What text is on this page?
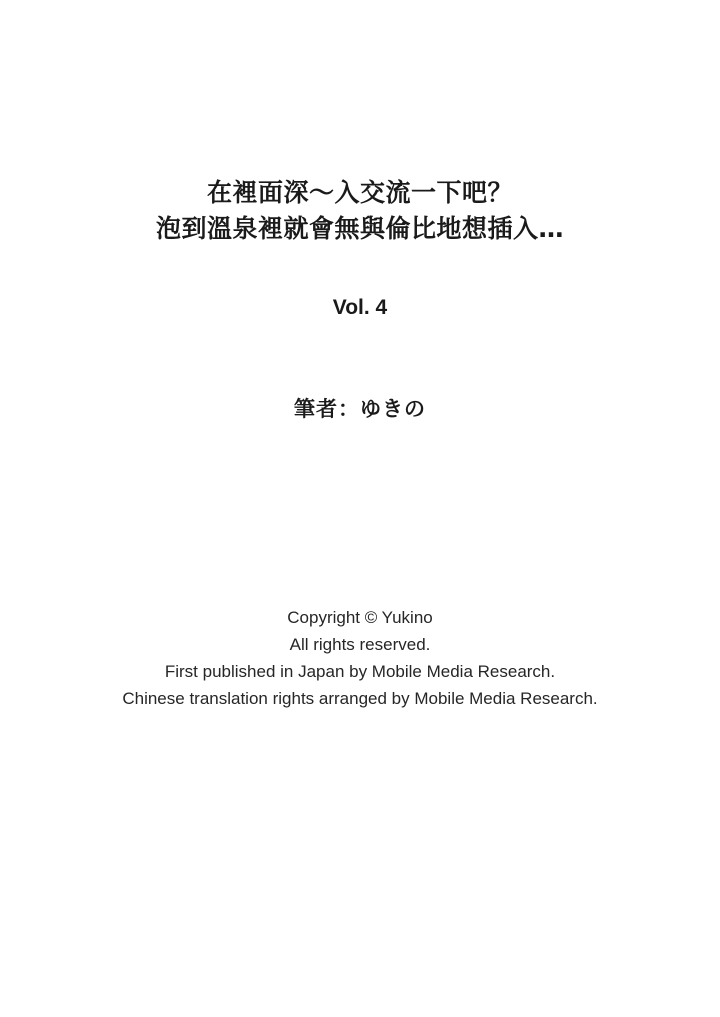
在裡面深～入交流一下吧？
泡到溫泉裡就會無與倫比地想插入…
Vol. 4
筆者：ゆきの
Copyright © Yukino
All rights reserved.
First published in Japan by Mobile Media Research.
Chinese translation rights arranged by Mobile Media Research.
